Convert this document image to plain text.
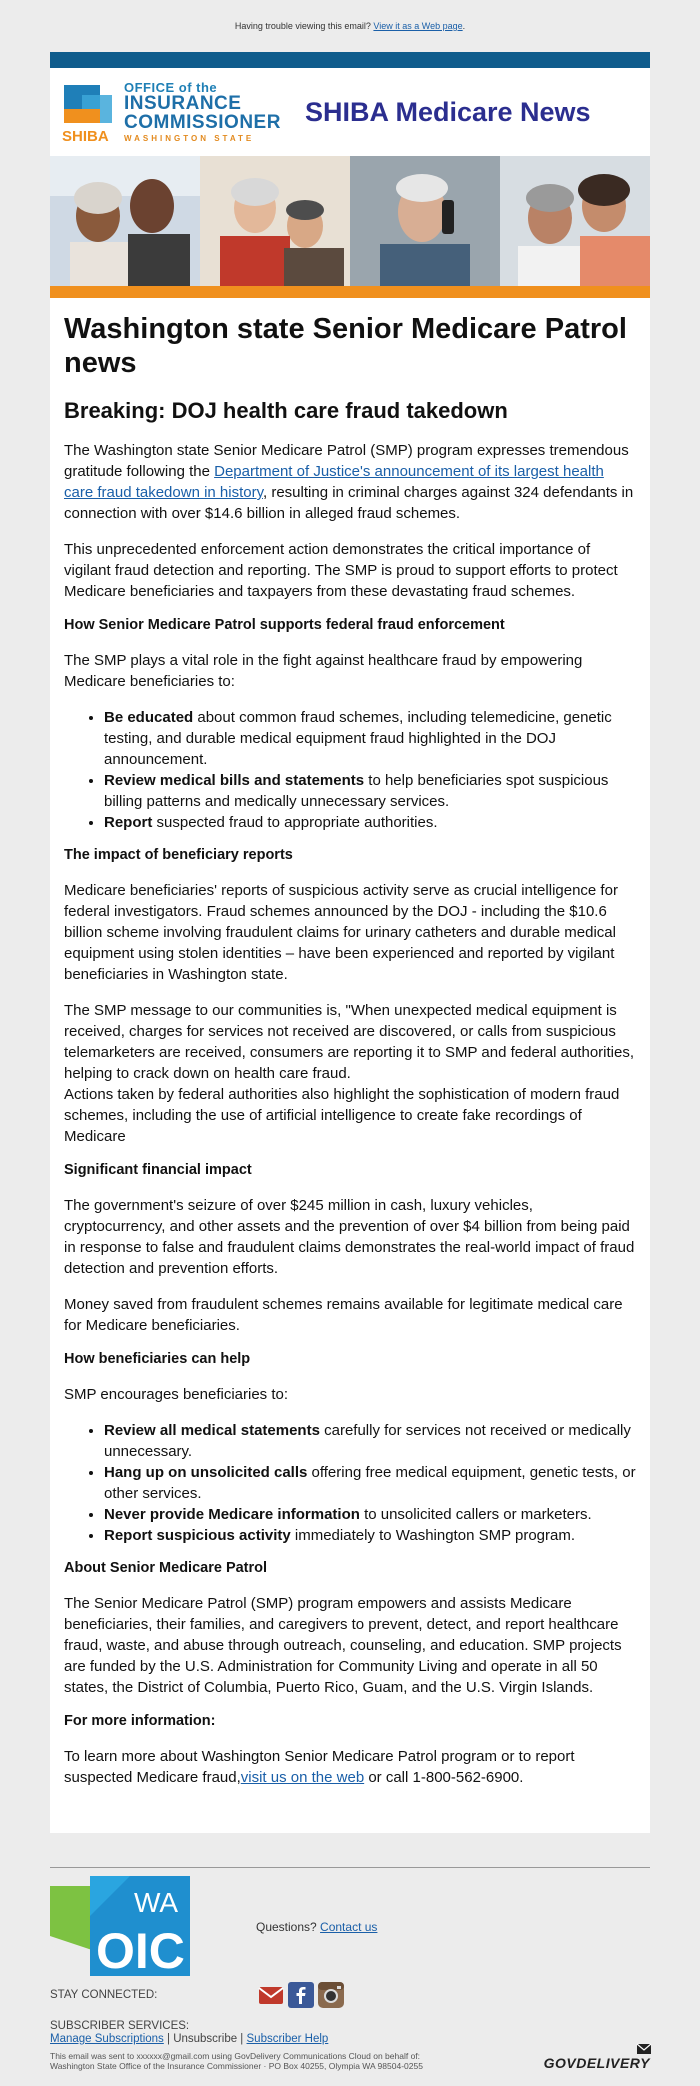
Having trouble viewing this email? View it as a Web page.
SHIBA
OFFICE of the
INSURANCE
COMMISSIONER
WASHINGTON STATE
SHIBA Medicare News
Washington state Senior Medicare Patrol news
Breaking: DOJ health care fraud takedown

The Washington state Senior Medicare Patrol (SMP) program expresses tremendous gratitude following the Department of Justice's announcement of its largest health care fraud takedown in history, resulting in criminal charges against 324 defendants in connection with over $14.6 billion in alleged fraud schemes.

This unprecedented enforcement action demonstrates the critical importance of vigilant fraud detection and reporting. The SMP is proud to support efforts to protect Medicare beneficiaries and taxpayers from these devastating fraud schemes.

How Senior Medicare Patrol supports federal fraud enforcement

The SMP plays a vital role in the fight against healthcare fraud by empowering Medicare beneficiaries to:

• Be educated about common fraud schemes, including telemedicine, genetic testing, and durable medical equipment fraud highlighted in the DOJ announcement.
• Review medical bills and statements to help beneficiaries spot suspicious billing patterns and medically unnecessary services.
• Report suspected fraud to appropriate authorities.
The impact of beneficiary reports

Medicare beneficiaries' reports of suspicious activity serve as crucial intelligence for federal investigators. Fraud schemes announced by the DOJ - including the $10.6 billion scheme involving fraudulent claims for urinary catheters and durable medical equipment using stolen identities – have been experienced and reported by vigilant beneficiaries in Washington state.

The SMP message to our communities is, "When unexpected medical equipment is received, charges for services not received are discovered, or calls from suspicious telemarketers are received, consumers are reporting it to SMP and federal authorities, helping to crack down on health care fraud.

Actions taken by federal authorities also highlight the sophistication of modern fraud schemes, including the use of artificial intelligence to create fake recordings of Medicare

Significant financial impact

The government's seizure of over $245 million in cash, luxury vehicles, cryptocurrency, and other assets and the prevention of over $4 billion from being paid in response to false and fraudulent claims demonstrates the real-world impact of fraud detection and prevention efforts.

Money saved from fraudulent schemes remains available for legitimate medical care for Medicare beneficiaries.

How beneficiaries can help

SMP encourages beneficiaries to:

• Review all medical statements carefully for services not received or medically unnecessary.
• Hang up on unsolicited calls offering free medical equipment, genetic tests, or other services.
• Never provide Medicare information to unsolicited callers or marketers.
• Report suspicious activity immediately to Washington SMP program.
About Senior Medicare Patrol

The Senior Medicare Patrol (SMP) program empowers and assists Medicare beneficiaries, their families, and caregivers to prevent, detect, and report healthcare fraud, waste, and abuse through outreach, counseling, and education. SMP projects are funded by the U.S. Administration for Community Living and operate in all 50 states, the District of Columbia, Puerto Rico, Guam, and the U.S. Virgin Islands.

For more information:

To learn more about Washington Senior Medicare Patrol program or to report suspected Medicare fraud,visit us on the web or call 1-800-562-6900.

WA
OIC	Questions? Contact us
STAY CONNECTED:
SUBSCRIBER SERVICES:
Manage Subscriptions | Unsubscribe | Subscriber Help
This email was sent to xxxxxx@gmail.com using GovDelivery Communications Cloud on behalf of:
Washington State Office of the Insurance Commissioner · PO Box 40255, Olympia WA 98504-0255	GOVDELIVERY
